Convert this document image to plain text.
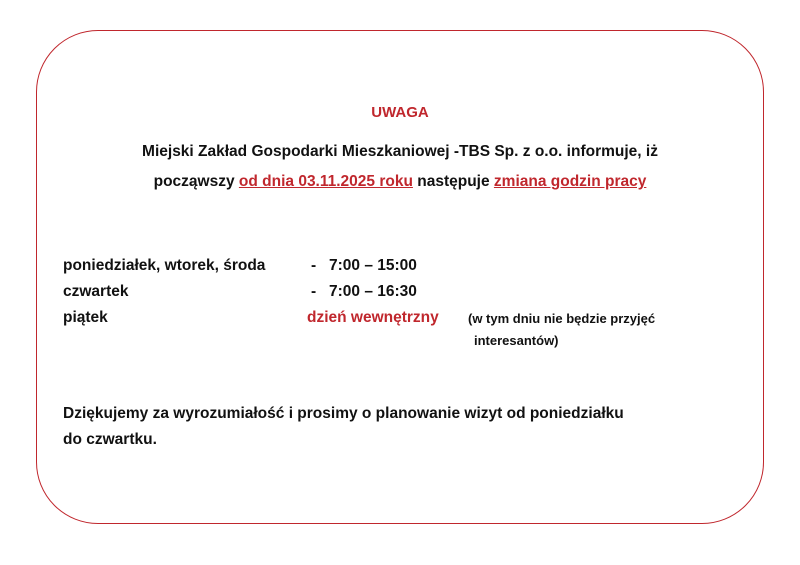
UWAGA
Miejski Zakład Gospodarki Mieszkaniowej -TBS Sp. z o.o. informuje, iż
począwszy od dnia 03.11.2025 roku następuje zmiana godzin pracy
poniedziałek, wtorek, środa	- 7:00 – 15:00
czwartek	- 7:00 – 16:30
piątek	dzień wewnętrzny (w tym dniu nie będzie przyjęć
interesantów)
Dziękujemy za wyrozumiałość i prosimy o planowanie wizyt od poniedziałku
do czwartku.
